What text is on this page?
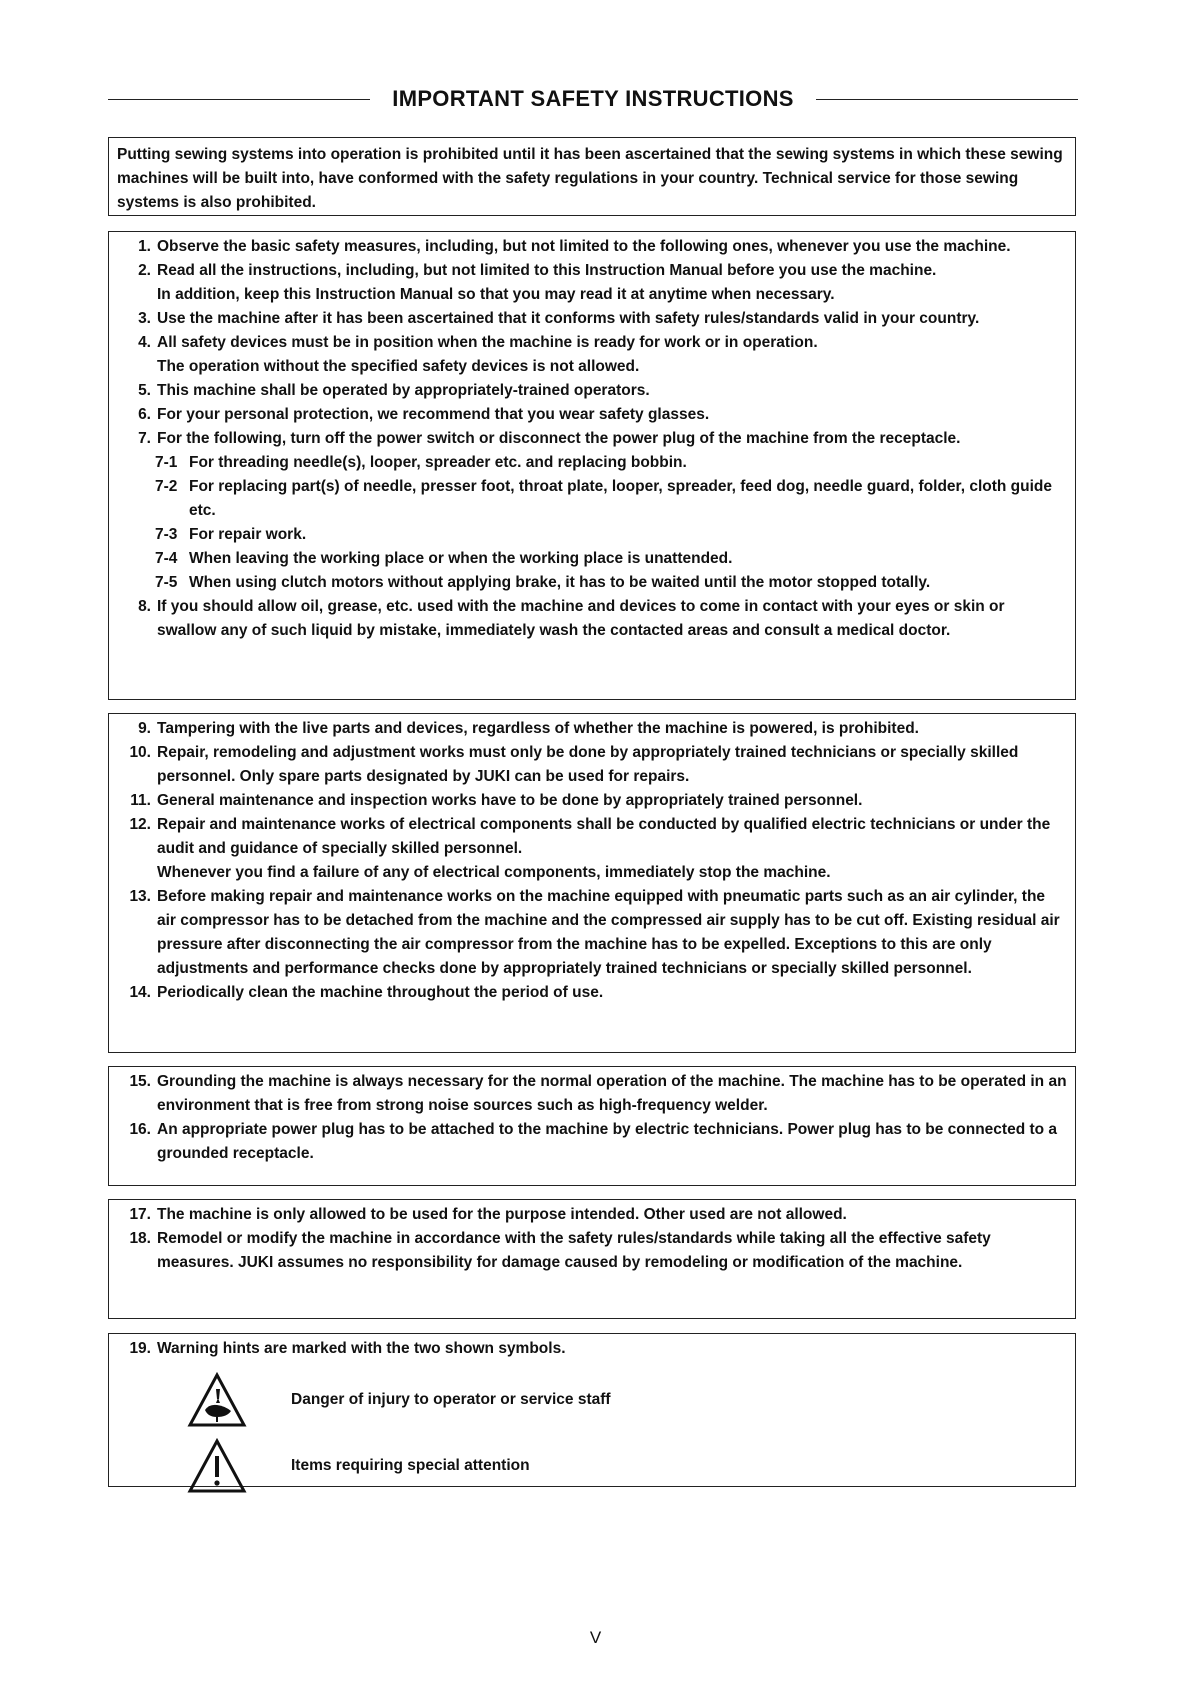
IMPORTANT SAFETY INSTRUCTIONS

Putting sewing systems into operation is prohibited until it has been ascertained that the sewing systems in which these sewing machines will be built into, have conformed with the safety regulations in your country. Technical service for those sewing systems is also prohibited.

1. Observe the basic safety measures, including, but not limited to the following ones, whenever you use the machine.
2. Read all the instructions, including, but not limited to this Instruction Manual before you use the machine.
In addition, keep this Instruction Manual so that you may read it at anytime when necessary.
3. Use the machine after it has been ascertained that it conforms with safety rules/standards valid in your country.
4. All safety devices must be in position when the machine is ready for work or in operation.
The operation without the specified safety devices is not allowed.
5. This machine shall be operated by appropriately-trained operators.
6. For your personal protection, we recommend that you wear safety glasses.
7. For the following, turn off the power switch or disconnect the power plug of the machine from the receptacle.
7-1 For threading needle(s), looper, spreader etc. and replacing bobbin.
7-2 For replacing part(s) of needle, presser foot, throat plate, looper, spreader, feed dog, needle guard, folder, cloth guide etc.
7-3 For repair work.
7-4 When leaving the working place or when the working place is unattended.
7-5 When using clutch motors without applying brake, it has to be waited until the motor stopped totally.
8. If you should allow oil, grease, etc. used with the machine and devices to come in contact with your eyes or skin or swallow any of such liquid by mistake, immediately wash the contacted areas and consult a medical doctor.
9. Tampering with the live parts and devices, regardless of whether the machine is powered, is prohibited.
10. Repair, remodeling and adjustment works must only be done by appropriately trained technicians or specially skilled personnel. Only spare parts designated by JUKI can be used for repairs.
11. General maintenance and inspection works have to be done by appropriately trained personnel.
12. Repair and maintenance works of electrical components shall be conducted by qualified electric technicians or under the audit and guidance of specially skilled personnel.
Whenever you find a failure of any of electrical components, immediately stop the machine.
13. Before making repair and maintenance works on the machine equipped with pneumatic parts such as an air cylinder, the air compressor has to be detached from the machine and the compressed air supply has to be cut off. Existing residual air pressure after disconnecting the air compressor from the machine has to be expelled. Exceptions to this are only adjustments and performance checks done by appropriately trained technicians or specially skilled personnel.
14. Periodically clean the machine throughout the period of use.
15. Grounding the machine is always necessary for the normal operation of the machine. The machine has to be operated in an environment that is free from strong noise sources such as high-frequency welder.
16. An appropriate power plug has to be attached to the machine by electric technicians. Power plug has to be connected to a grounded receptacle.
17. The machine is only allowed to be used for the purpose intended. Other used are not allowed.
18. Remodel or modify the machine in accordance with the safety rules/standards while taking all the effective safety measures. JUKI assumes no responsibility for damage caused by remodeling or modification of the machine.
19. Warning hints are marked with the two shown symbols.
Danger of injury to operator or service staff
Items requiring special attention
V
